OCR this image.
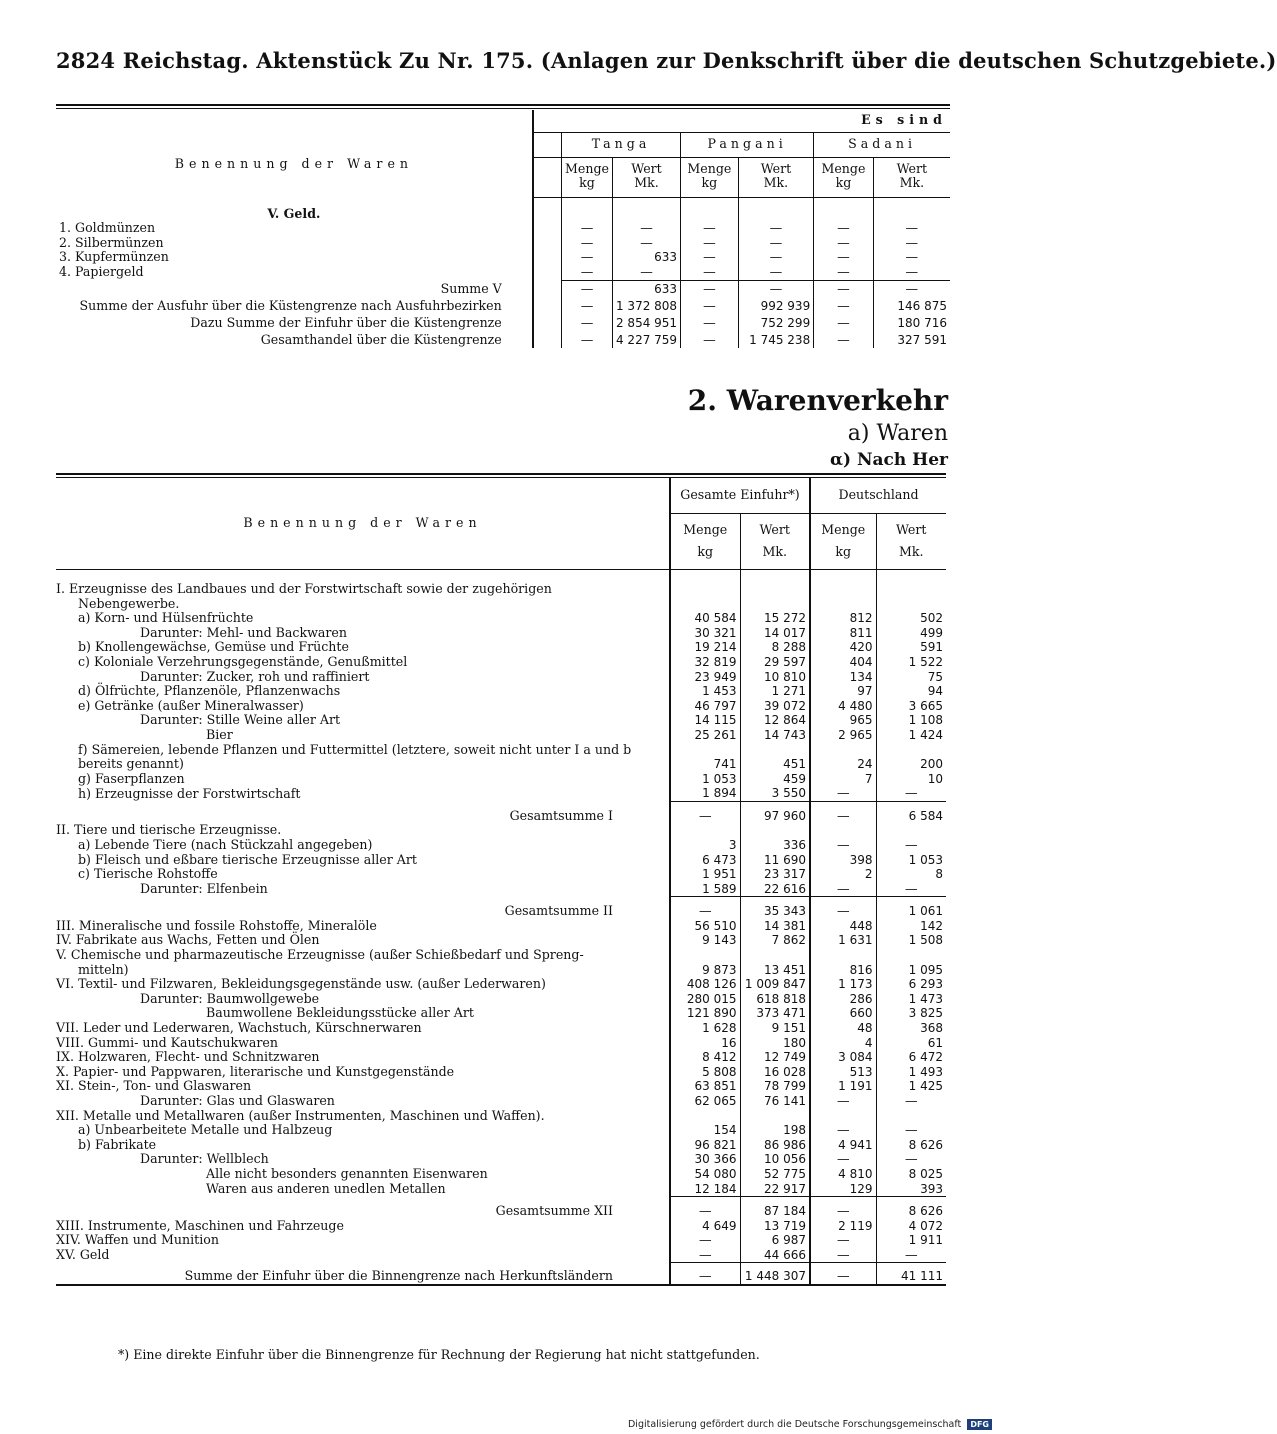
2824 Reichstag. Aktenstück Zu Nr. 175. (Anlagen zur Denkschrift über die deutschen Schutzgebiete.)
	Es sind						
Benennung der Waren		Tanga		Pangani		Sadani	
		Menge	Wert	Menge	Wert	Menge	Wert
		kg	Mk.	kg	Mk.	kg	Mk.
V. Geld.							
1. Goldmünzen		—	—	—	—	—	—
2. Silbermünzen		—	—	—	—	—	—
3. Kupfermünzen		—	633	—	—	—	—
4. Papiergeld		—	—	—	—	—	—
Summe V		—	633	—	—	—	—
Summe der Ausfuhr über die Küstengrenze nach Ausfuhrbezirken		—	1 372 808	—	992 939	—	146 875
Dazu Summe der Einfuhr über die Küstengrenze		—	2 854 951	—	752 299	—	180 716
Gesamthandel über die Küstengrenze		—	4 227 759	—	1 745 238	—	327 591
2. Warenverkehr
a) Waren
α) Nach Her
Benennung der Waren	Gesamte Einfuhr*)		Deutschland	
	Menge	Wert	Menge	Wert
	kg	Mk.	kg	Mk.

I. Erzeugnisse des Landbaues und der Forstwirtschaft sowie der zugehörigen				
Nebengewerbe.				
a) Korn- und Hülsenfrüchte	40 584	15 272	812	502
Darunter: Mehl- und Backwaren	30 321	14 017	811	499
b) Knollengewächse, Gemüse und Früchte	19 214	8 288	420	591
c) Koloniale Verzehrungsgegenstände, Genußmittel	32 819	29 597	404	1 522
Darunter: Zucker, roh und raffiniert	23 949	10 810	134	75
d) Ölfrüchte, Pflanzenöle, Pflanzenwachs	1 453	1 271	97	94
e) Getränke (außer Mineralwasser)	46 797	39 072	4 480	3 665
Darunter: Stille Weine aller Art	14 115	12 864	965	1 108
Bier	25 261	14 743	2 965	1 424
f) Sämereien, lebende Pflanzen und Futtermittel (letztere, soweit nicht unter I a und b				
bereits genannt)	741	451	24	200
g) Faserpflanzen	1 053	459	7	10
h) Erzeugnisse der Forstwirtschaft	1 894	3 550	—	—
Gesamtsumme I	—	97 960	—	6 584
II. Tiere und tierische Erzeugnisse.				
a) Lebende Tiere (nach Stückzahl angegeben)	3	336	—	—
b) Fleisch und eßbare tierische Erzeugnisse aller Art	6 473	11 690	398	1 053
c) Tierische Rohstoffe	1 951	23 317	2	8
Darunter: Elfenbein	1 589	22 616	—	—
Gesamtsumme II	—	35 343	—	1 061
III. Mineralische und fossile Rohstoffe, Mineralöle	56 510	14 381	448	142
IV. Fabrikate aus Wachs, Fetten und Ölen	9 143	7 862	1 631	1 508
V. Chemische und pharmazeutische Erzeugnisse (außer Schießbedarf und Spreng-				
mitteln)	9 873	13 451	816	1 095
VI. Textil- und Filzwaren, Bekleidungsgegenstände usw. (außer Lederwaren)	408 126	1 009 847	1 173	6 293
Darunter: Baumwollgewebe	280 015	618 818	286	1 473
Baumwollene Bekleidungsstücke aller Art	121 890	373 471	660	3 825
VII. Leder und Lederwaren, Wachstuch, Kürschnerwaren	1 628	9 151	48	368
VIII. Gummi- und Kautschukwaren	16	180	4	61
IX. Holzwaren, Flecht- und Schnitzwaren	8 412	12 749	3 084	6 472
X. Papier- und Pappwaren, literarische und Kunstgegenstände	5 808	16 028	513	1 493
XI. Stein-, Ton- und Glaswaren	63 851	78 799	1 191	1 425
Darunter: Glas und Glaswaren	62 065	76 141	—	—
XII. Metalle und Metallwaren (außer Instrumenten, Maschinen und Waffen).				
a) Unbearbeitete Metalle und Halbzeug	154	198	—	—
b) Fabrikate	96 821	86 986	4 941	8 626
Darunter: Wellblech	30 366	10 056	—	—
Alle nicht besonders genannten Eisenwaren	54 080	52 775	4 810	8 025
Waren aus anderen unedlen Metallen	12 184	22 917	129	393
Gesamtsumme XII	—	87 184	—	8 626
XIII. Instrumente, Maschinen und Fahrzeuge	4 649	13 719	2 119	4 072
XIV. Waffen und Munition	—	6 987	—	1 911
XV. Geld	—	44 666	—	—
Summe der Einfuhr über die Binnengrenze nach Herkunftsländern	—	1 448 307	—	41 111
*) Eine direkte Einfuhr über die Binnengrenze für Rechnung der Regierung hat nicht stattgefunden.
Digitalisierung gefördert durch die Deutsche Forschungsgemeinschaft DFG
